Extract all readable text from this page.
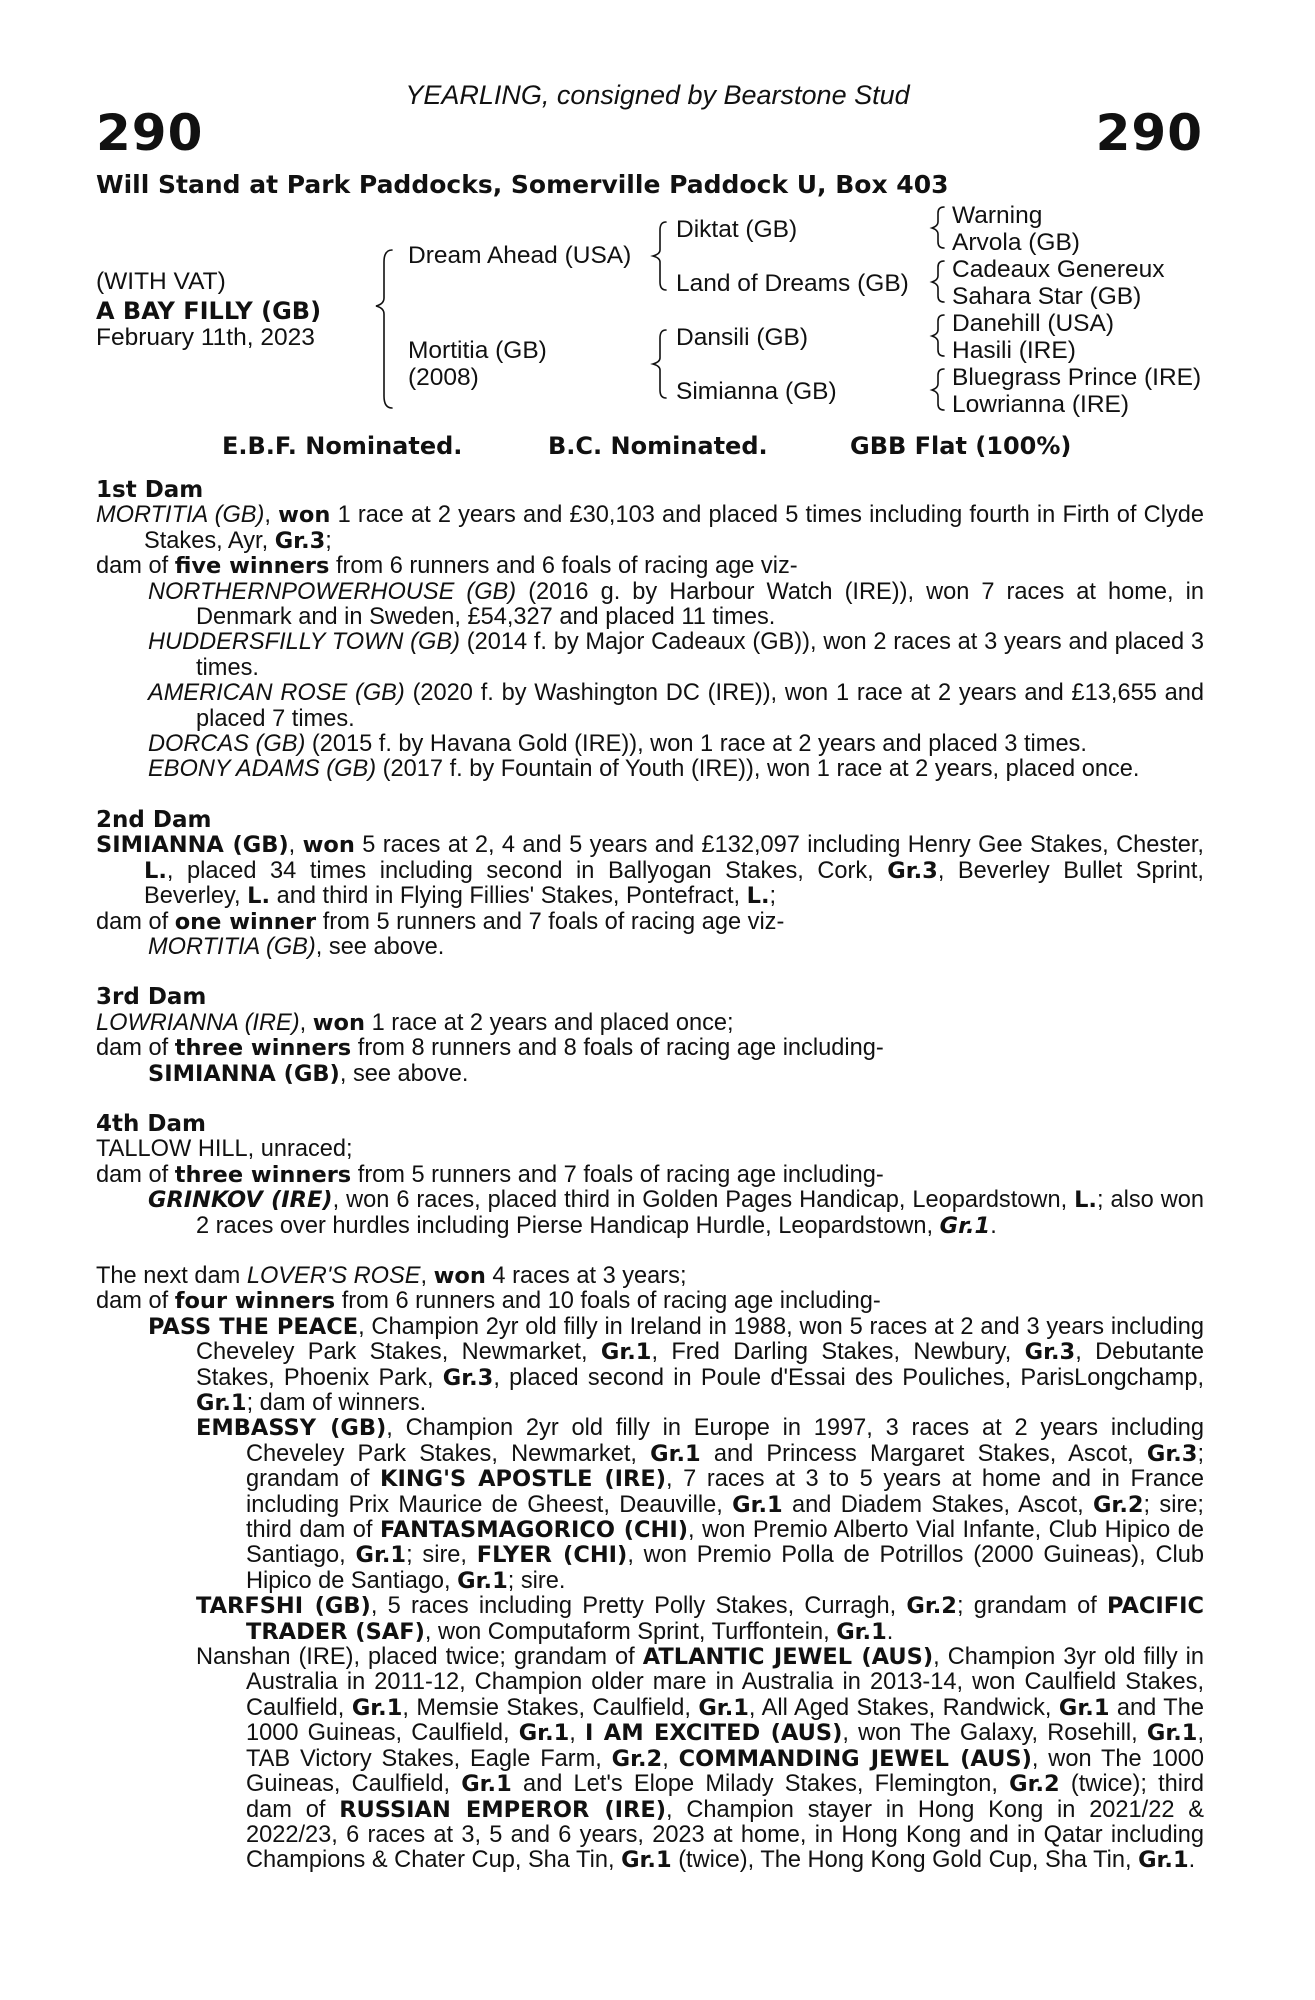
YEARLING, consigned by Bearstone Stud
290	290
Will Stand at Park Paddocks, Somerville Paddock U, Box 403
(WITH VAT)
A BAY FILLY (GB)
February 11th, 2023
Dream Ahead (USA)
Mortitia (GB)
(2008)
Diktat (GB)
Land of Dreams (GB)
Dansili (GB)
Simianna (GB)
Warning
Arvola (GB)
Cadeaux Genereux
Sahara Star (GB)
Danehill (USA)
Hasili (IRE)
Bluegrass Prince (IRE)
Lowrianna (IRE)
E.B.F. Nominated.	B.C. Nominated.	GBB Flat (100%)
1st Dam
MORTITIA (GB), won 1 race at 2 years and £30,103 and placed 5 times including fourth in Firth of Clyde Stakes, Ayr, Gr.3;
dam of five winners from 6 runners and 6 foals of racing age viz-
NORTHERNPOWERHOUSE (GB) (2016 g. by Harbour Watch (IRE)), won 7 races at home, in Denmark and in Sweden, £54,327 and placed 11 times.
HUDDERSFILLY TOWN (GB) (2014 f. by Major Cadeaux (GB)), won 2 races at 3 years and placed 3 times.
AMERICAN ROSE (GB) (2020 f. by Washington DC (IRE)), won 1 race at 2 years and £13,655 and placed 7 times.
DORCAS (GB) (2015 f. by Havana Gold (IRE)), won 1 race at 2 years and placed 3 times.
EBONY ADAMS (GB) (2017 f. by Fountain of Youth (IRE)), won 1 race at 2 years, placed once.
2nd Dam
SIMIANNA (GB), won 5 races at 2, 4 and 5 years and £132,097 including Henry Gee Stakes, Chester, L., placed 34 times including second in Ballyogan Stakes, Cork, Gr.3, Beverley Bullet Sprint, Beverley, L. and third in Flying Fillies' Stakes, Pontefract, L.;
dam of one winner from 5 runners and 7 foals of racing age viz-
MORTITIA (GB), see above.
3rd Dam
LOWRIANNA (IRE), won 1 race at 2 years and placed once;
dam of three winners from 8 runners and 8 foals of racing age including-
SIMIANNA (GB), see above.
4th Dam
TALLOW HILL, unraced;
dam of three winners from 5 runners and 7 foals of racing age including-
GRINKOV (IRE), won 6 races, placed third in Golden Pages Handicap, Leopardstown, L.; also won 2 races over hurdles including Pierse Handicap Hurdle, Leopardstown, Gr.1.
The next dam LOVER'S ROSE, won 4 races at 3 years;
dam of four winners from 6 runners and 10 foals of racing age including-
PASS THE PEACE, Champion 2yr old filly in Ireland in 1988, won 5 races at 2 and 3 years including Cheveley Park Stakes, Newmarket, Gr.1, Fred Darling Stakes, Newbury, Gr.3, Debutante Stakes, Phoenix Park, Gr.3, placed second in Poule d'Essai des Pouliches, ParisLongchamp, Gr.1; dam of winners.
EMBASSY (GB), Champion 2yr old filly in Europe in 1997, 3 races at 2 years including Cheveley Park Stakes, Newmarket, Gr.1 and Princess Margaret Stakes, Ascot, Gr.3; grandam of KING'S APOSTLE (IRE), 7 races at 3 to 5 years at home and in France including Prix Maurice de Gheest, Deauville, Gr.1 and Diadem Stakes, Ascot, Gr.2; sire; third dam of FANTASMAGORICO (CHI), won Premio Alberto Vial Infante, Club Hipico de Santiago, Gr.1; sire, FLYER (CHI), won Premio Polla de Potrillos (2000 Guineas), Club Hipico de Santiago, Gr.1; sire.
TARFSHI (GB), 5 races including Pretty Polly Stakes, Curragh, Gr.2; grandam of PACIFIC TRADER (SAF), won Computaform Sprint, Turffontein, Gr.1.
Nanshan (IRE), placed twice; grandam of ATLANTIC JEWEL (AUS), Champion 3yr old filly in Australia in 2011-12, Champion older mare in Australia in 2013-14, won Caulfield Stakes, Caulfield, Gr.1, Memsie Stakes, Caulfield, Gr.1, All Aged Stakes, Randwick, Gr.1 and The 1000 Guineas, Caulfield, Gr.1, I AM EXCITED (AUS), won The Galaxy, Rosehill, Gr.1, TAB Victory Stakes, Eagle Farm, Gr.2, COMMANDING JEWEL (AUS), won The 1000 Guineas, Caulfield, Gr.1 and Let's Elope Milady Stakes, Flemington, Gr.2 (twice); third dam of RUSSIAN EMPEROR (IRE), Champion stayer in Hong Kong in 2021/22 & 2022/23, 6 races at 3, 5 and 6 years, 2023 at home, in Hong Kong and in Qatar including Champions & Chater Cup, Sha Tin, Gr.1 (twice), The Hong Kong Gold Cup, Sha Tin, Gr.1.
